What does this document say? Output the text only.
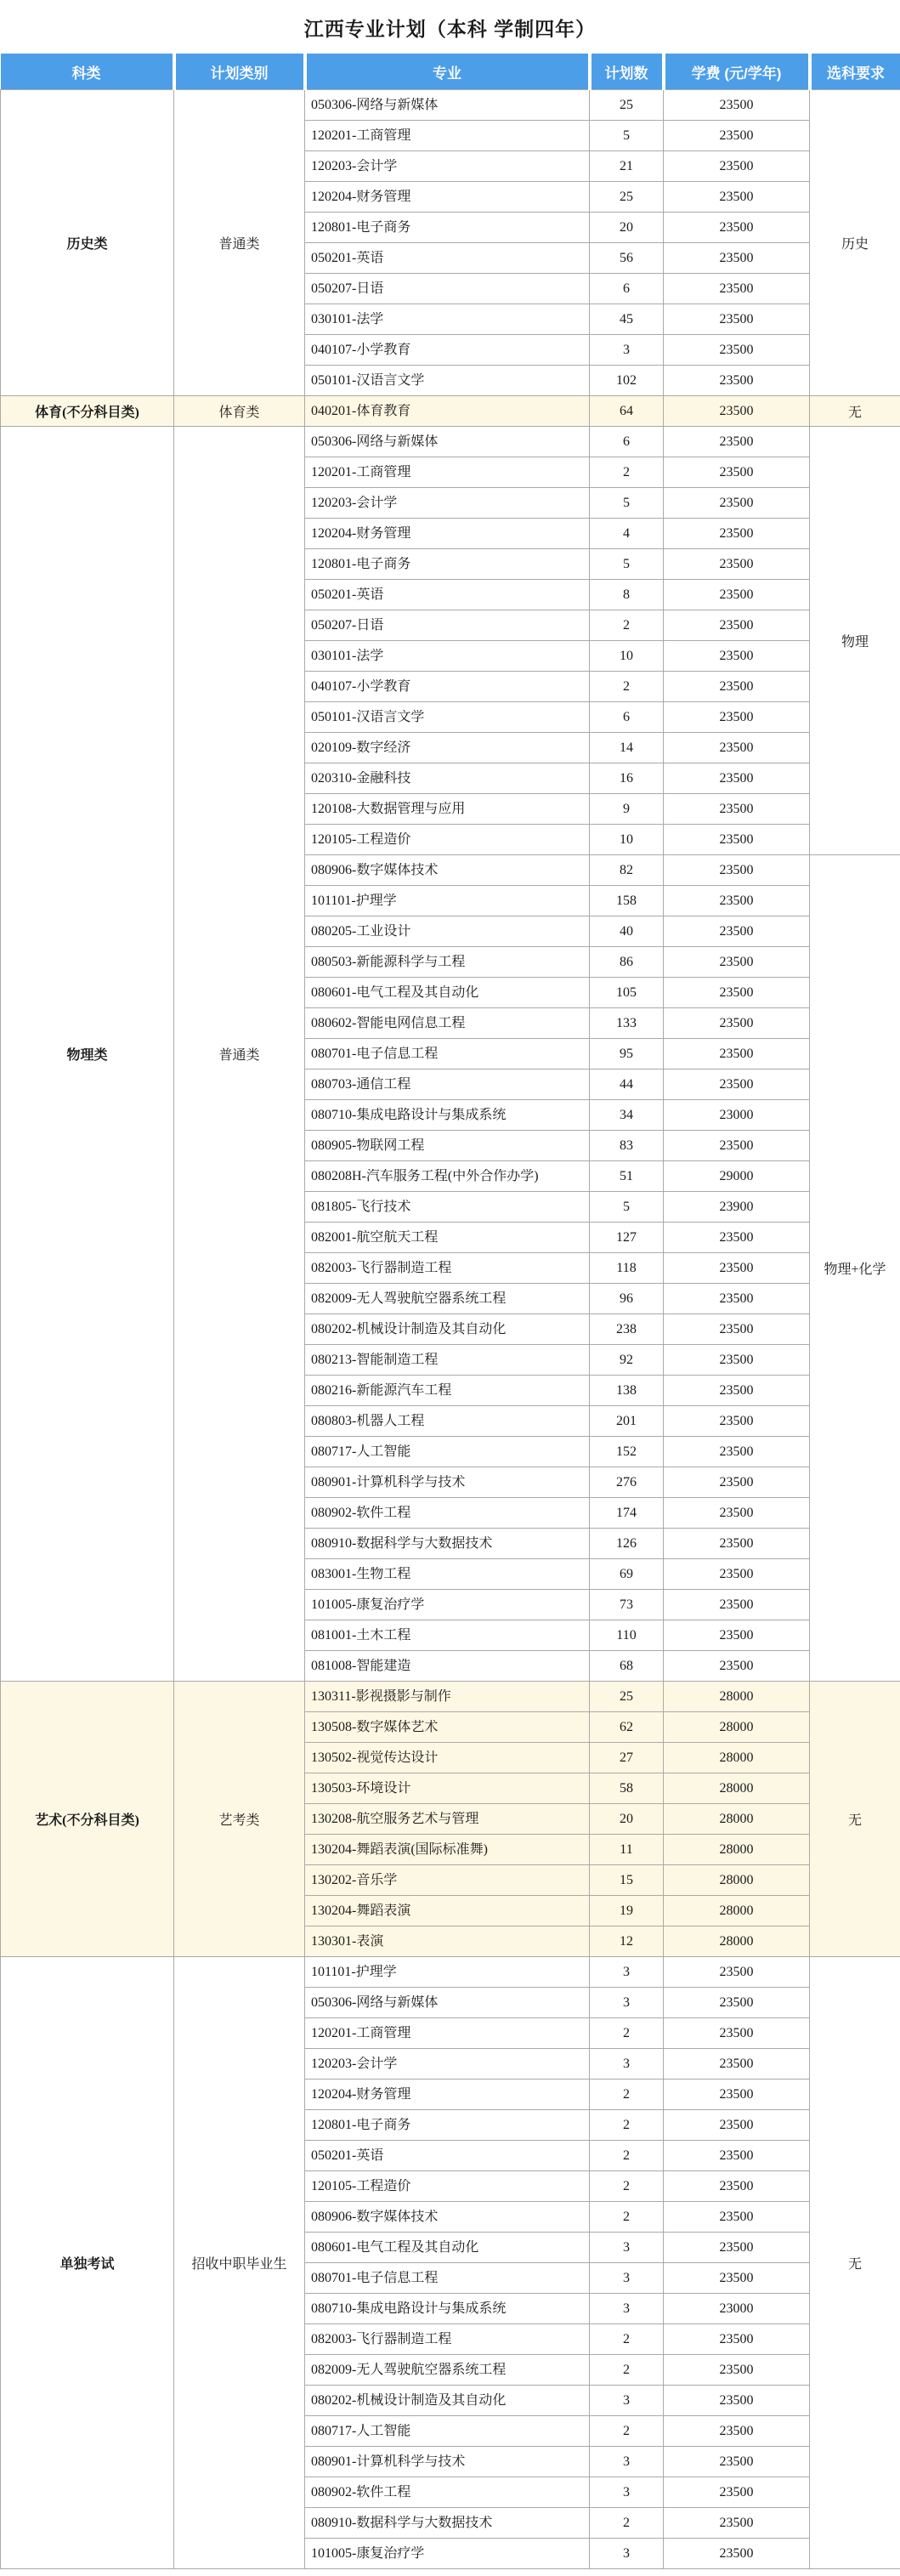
江西专业计划（本科 学制四年）
科类	计划类别	专业	计划数	学费 (元/学年)	选科要求
历史类	普通类	050306-网络与新媒体	25	23500	历史

		120201-工商管理	5	23500	

		120203-会计学	21	23500	

		120204-财务管理	25	23500	

		120801-电子商务	20	23500	

		050201-英语	56	23500	

		050207-日语	6	23500	

		030101-法学	45	23500	

		040107-小学教育	3	23500	

		050101-汉语言文学	102	23500	
体育(不分科目类)	体育类	040201-体育教育	64	23500	无
物理类	普通类	050306-网络与新媒体	6	23500	物理

		120201-工商管理	2	23500	

		120203-会计学	5	23500	

		120204-财务管理	4	23500	

		120801-电子商务	5	23500	

		050201-英语	8	23500	

		050207-日语	2	23500	

		030101-法学	10	23500	

		040107-小学教育	2	23500	

		050101-汉语言文学	6	23500	

		020109-数字经济	14	23500	

		020310-金融科技	16	23500	

		120108-大数据管理与应用	9	23500	

		120105-工程造价	10	23500	

		080906-数字媒体技术	82	23500	物理+化学

		101101-护理学	158	23500	

		080205-工业设计	40	23500	

		080503-新能源科学与工程	86	23500	

		080601-电气工程及其自动化	105	23500	

		080602-智能电网信息工程	133	23500	

		080701-电子信息工程	95	23500	

		080703-通信工程	44	23500	

		080710-集成电路设计与集成系统	34	23000	

		080905-物联网工程	83	23500	

		080208H-汽车服务工程(中外合作办学)	51	29000	

		081805-飞行技术	5	23900	

		082001-航空航天工程	127	23500	

		082003-飞行器制造工程	118	23500	

		082009-无人驾驶航空器系统工程	96	23500	

		080202-机械设计制造及其自动化	238	23500	

		080213-智能制造工程	92	23500	

		080216-新能源汽车工程	138	23500	

		080803-机器人工程	201	23500	

		080717-人工智能	152	23500	

		080901-计算机科学与技术	276	23500	

		080902-软件工程	174	23500	

		080910-数据科学与大数据技术	126	23500	

		083001-生物工程	69	23500	

		101005-康复治疗学	73	23500	

		081001-土木工程	110	23500	

		081008-智能建造	68	23500	
艺术(不分科目类)	艺考类	130311-影视摄影与制作	25	28000	无

		130508-数字媒体艺术	62	28000	

		130502-视觉传达设计	27	28000	

		130503-环境设计	58	28000	

		130208-航空服务艺术与管理	20	28000	

		130204-舞蹈表演(国际标准舞)	11	28000	

		130202-音乐学	15	28000	

		130204-舞蹈表演	19	28000	

		130301-表演	12	28000	
单独考试	招收中职毕业生	101101-护理学	3	23500	无

		050306-网络与新媒体	3	23500	

		120201-工商管理	2	23500	

		120203-会计学	3	23500	

		120204-财务管理	2	23500	

		120801-电子商务	2	23500	

		050201-英语	2	23500	

		120105-工程造价	2	23500	

		080906-数字媒体技术	2	23500	

		080601-电气工程及其自动化	3	23500	

		080701-电子信息工程	3	23500	

		080710-集成电路设计与集成系统	3	23000	

		082003-飞行器制造工程	2	23500	

		082009-无人驾驶航空器系统工程	2	23500	

		080202-机械设计制造及其自动化	3	23500	

		080717-人工智能	2	23500	

		080901-计算机科学与技术	3	23500	

		080902-软件工程	3	23500	

		080910-数据科学与大数据技术	2	23500	

		101005-康复治疗学	3	23500	
